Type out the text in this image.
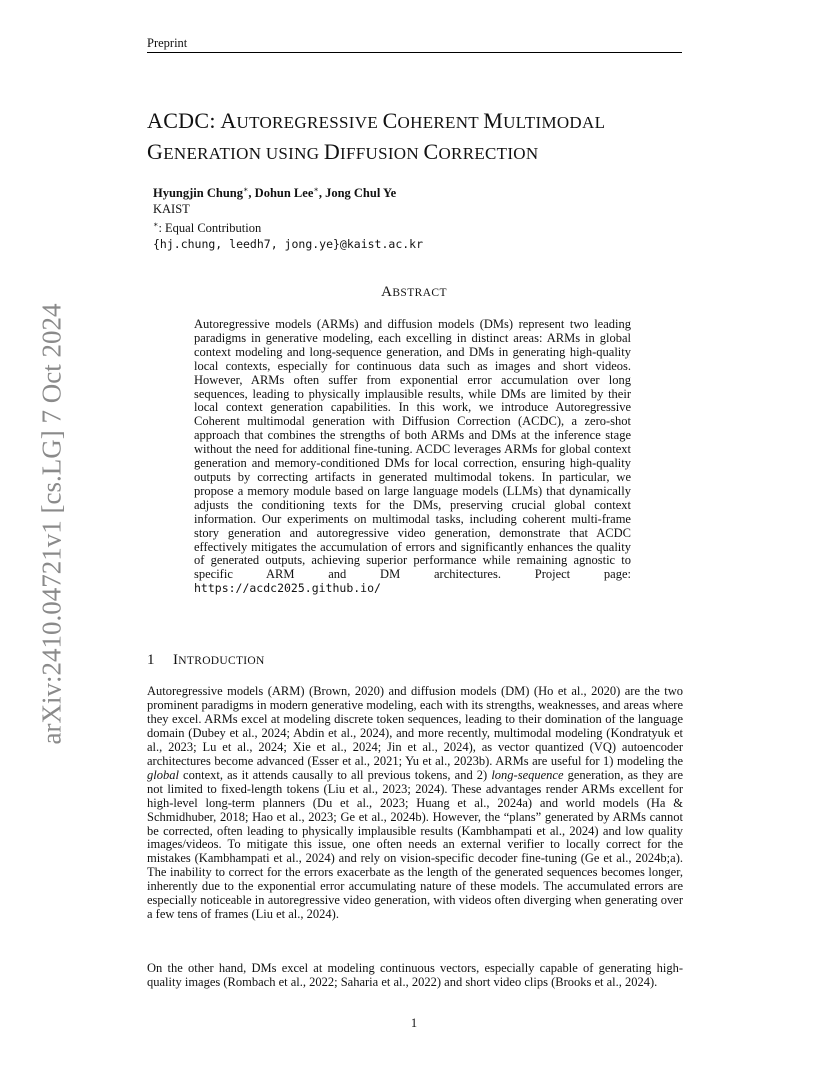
Preprint
arXiv:2410.04721v1 [cs.LG] 7 Oct 2024
ACDC: AUTOREGRESSIVE COHERENT MULTIMODAL
GENERATION USING DIFFUSION CORRECTION
Hyungjin Chung∗, Dohun Lee∗, Jong Chul Ye
KAIST
∗: Equal Contribution
{hj.chung, leedh7, jong.ye}@kaist.ac.kr
ABSTRACT
Autoregressive models (ARMs) and diffusion models (DMs) represent two leading paradigms in generative modeling, each excelling in distinct areas: ARMs in global context modeling and long-sequence generation, and DMs in generating high-quality local contexts, especially for continuous data such as images and short videos. However, ARMs often suffer from exponential error accumulation over long sequences, leading to physically implausible results, while DMs are limited by their local context generation capabilities. In this work, we introduce Autoregressive Coherent multimodal generation with Diffusion Correction (ACDC), a zero-shot approach that combines the strengths of both ARMs and DMs at the inference stage without the need for additional fine-tuning. ACDC leverages ARMs for global context generation and memory-conditioned DMs for local correction, ensuring high-quality outputs by correcting artifacts in generated multimodal tokens. In particular, we propose a memory module based on large language models (LLMs) that dynamically adjusts the conditioning texts for the DMs, preserving crucial global context information. Our experiments on multimodal tasks, including coherent multi-frame story generation and autoregressive video generation, demonstrate that ACDC effectively mitigates the accumulation of errors and significantly enhances the quality of generated outputs, achieving superior performance while remaining agnostic to specific ARM and DM architectures. Project page: https://acdc2025.github.io/
1 INTRODUCTION
Autoregressive models (ARM) (Brown, 2020) and diffusion models (DM) (Ho et al., 2020) are the two prominent paradigms in modern generative modeling, each with its strengths, weaknesses, and areas where they excel. ARMs excel at modeling discrete token sequences, leading to their domination of the language domain (Dubey et al., 2024; Abdin et al., 2024), and more recently, multimodal modeling (Kondratyuk et al., 2023; Lu et al., 2024; Xie et al., 2024; Jin et al., 2024), as vector quantized (VQ) autoencoder architectures become advanced (Esser et al., 2021; Yu et al., 2023b). ARMs are useful for 1) modeling the global context, as it attends causally to all previous tokens, and 2) long-sequence generation, as they are not limited to fixed-length tokens (Liu et al., 2023; 2024). These advantages render ARMs excellent for high-level long-term planners (Du et al., 2023; Huang et al., 2024a) and world models (Ha & Schmidhuber, 2018; Hao et al., 2023; Ge et al., 2024b). However, the “plans” generated by ARMs cannot be corrected, often leading to physically implausible results (Kambhampati et al., 2024) and low quality images/videos. To mitigate this issue, one often needs an external verifier to locally correct for the mistakes (Kambhampati et al., 2024) and rely on vision-specific decoder fine-tuning (Ge et al., 2024b;a). The inability to correct for the errors exacerbate as the length of the generated sequences becomes longer, inherently due to the exponential error accumulating nature of these models. The accumulated errors are especially noticeable in autoregressive video generation, with videos often diverging when generating over a few tens of frames (Liu et al., 2024).
On the other hand, DMs excel at modeling continuous vectors, especially capable of generating high-quality images (Rombach et al., 2022; Saharia et al., 2022) and short video clips (Brooks et al., 2024).
1
